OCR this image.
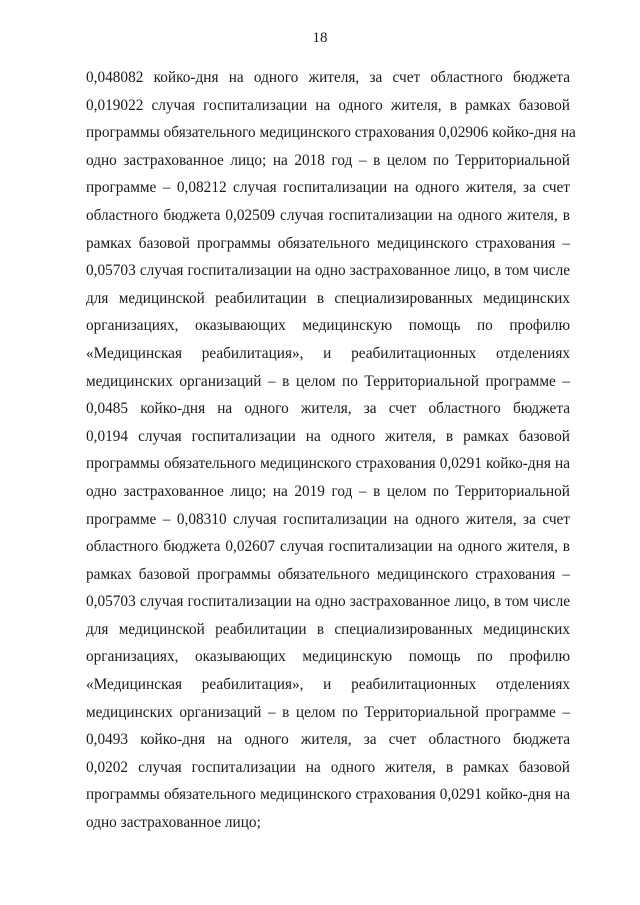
18
0,048082 койко-дня на одного жителя, за счет областного бюджета
0,019022 случая госпитализации на одного жителя, в рамках базовой
программы обязательного медицинского страхования 0,02906 койко-дня на
одно застрахованное лицо; на 2018 год – в целом по Территориальной
программе – 0,08212 случая госпитализации на одного жителя, за счет
областного бюджета 0,02509 случая госпитализации на одного жителя, в
рамках базовой программы обязательного медицинского страхования –
0,05703 случая госпитализации на одно застрахованное лицо, в том числе
для медицинской реабилитации в специализированных медицинских
организациях, оказывающих медицинскую помощь по профилю
«Медицинская реабилитация», и реабилитационных отделениях
медицинских организаций – в целом по Территориальной программе –
0,0485 койко-дня на одного жителя, за счет областного бюджета
0,0194 случая госпитализации на одного жителя, в рамках базовой
программы обязательного медицинского страхования 0,0291 койко-дня на
одно застрахованное лицо; на 2019 год – в целом по Территориальной
программе – 0,08310 случая госпитализации на одного жителя, за счет
областного бюджета 0,02607 случая госпитализации на одного жителя, в
рамках базовой программы обязательного медицинского страхования –
0,05703 случая госпитализации на одно застрахованное лицо, в том числе
для медицинской реабилитации в специализированных медицинских
организациях, оказывающих медицинскую помощь по профилю
«Медицинская реабилитация», и реабилитационных отделениях
медицинских организаций – в целом по Территориальной программе –
0,0493 койко-дня на одного жителя, за счет областного бюджета
0,0202 случая госпитализации на одного жителя, в рамках базовой
программы обязательного медицинского страхования 0,0291 койко-дня на
одно застрахованное лицо;
